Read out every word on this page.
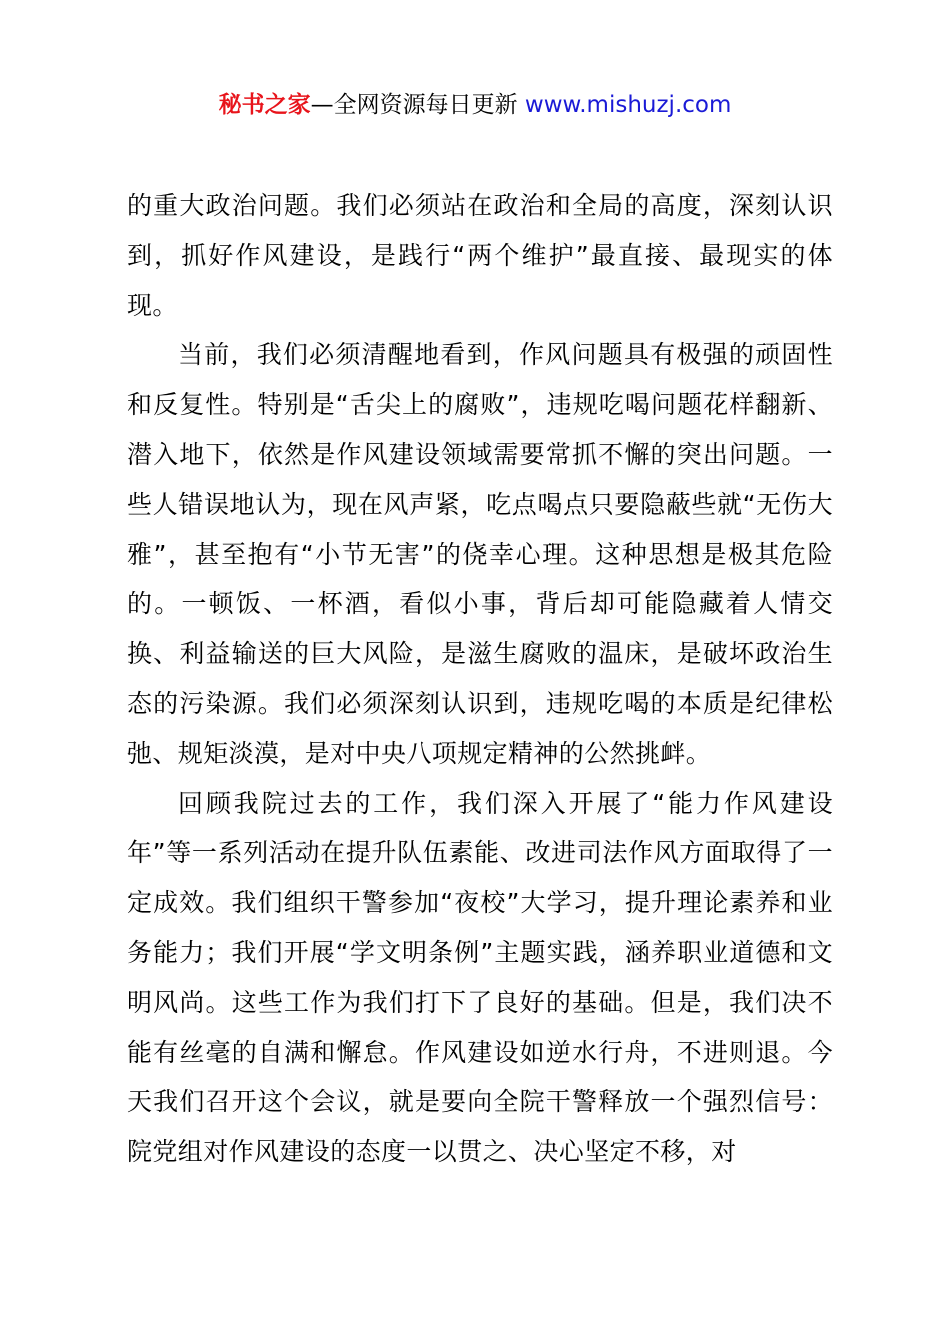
秘书之家—全网资源每日更新 www.mishuzj.com

的重大政治问题。我们必须站在政治和全局的高度，深刻认识到，抓好作风建设，是践行“两个维护”最直接、最现实的体现。

当前，我们必须清醒地看到，作风问题具有极强的顽固性和反复性。特别是“舌尖上的腐败”，违规吃喝问题花样翻新、潜入地下，依然是作风建设领域需要常抓不懈的突出问题。一些人错误地认为，现在风声紧，吃点喝点只要隐蔽些就“无伤大雅”，甚至抱有“小节无害”的侥幸心理。这种思想是极其危险的。一顿饭、一杯酒，看似小事，背后却可能隐藏着人情交换、利益输送的巨大风险，是滋生腐败的温床，是破坏政治生态的污染源。我们必须深刻认识到，违规吃喝的本质是纪律松弛、规矩淡漠，是对中央八项规定精神的公然挑衅。

回顾我院过去的工作，我们深入开展了“能力作风建设年”等一系列活动在提升队伍素能、改进司法作风方面取得了一定成效。我们组织干警参加“夜校”大学习，提升理论素养和业务能力；我们开展“学文明条例”主题实践，涵养职业道德和文明风尚。这些工作为我们打下了良好的基础。但是，我们决不能有丝毫的自满和懈怠。作风建设如逆水行舟，不进则退。今天我们召开这个会议，就是要向全院干警释放一个强烈信号：院党组对作风建设的态度一以贯之、决心坚定不移，对
